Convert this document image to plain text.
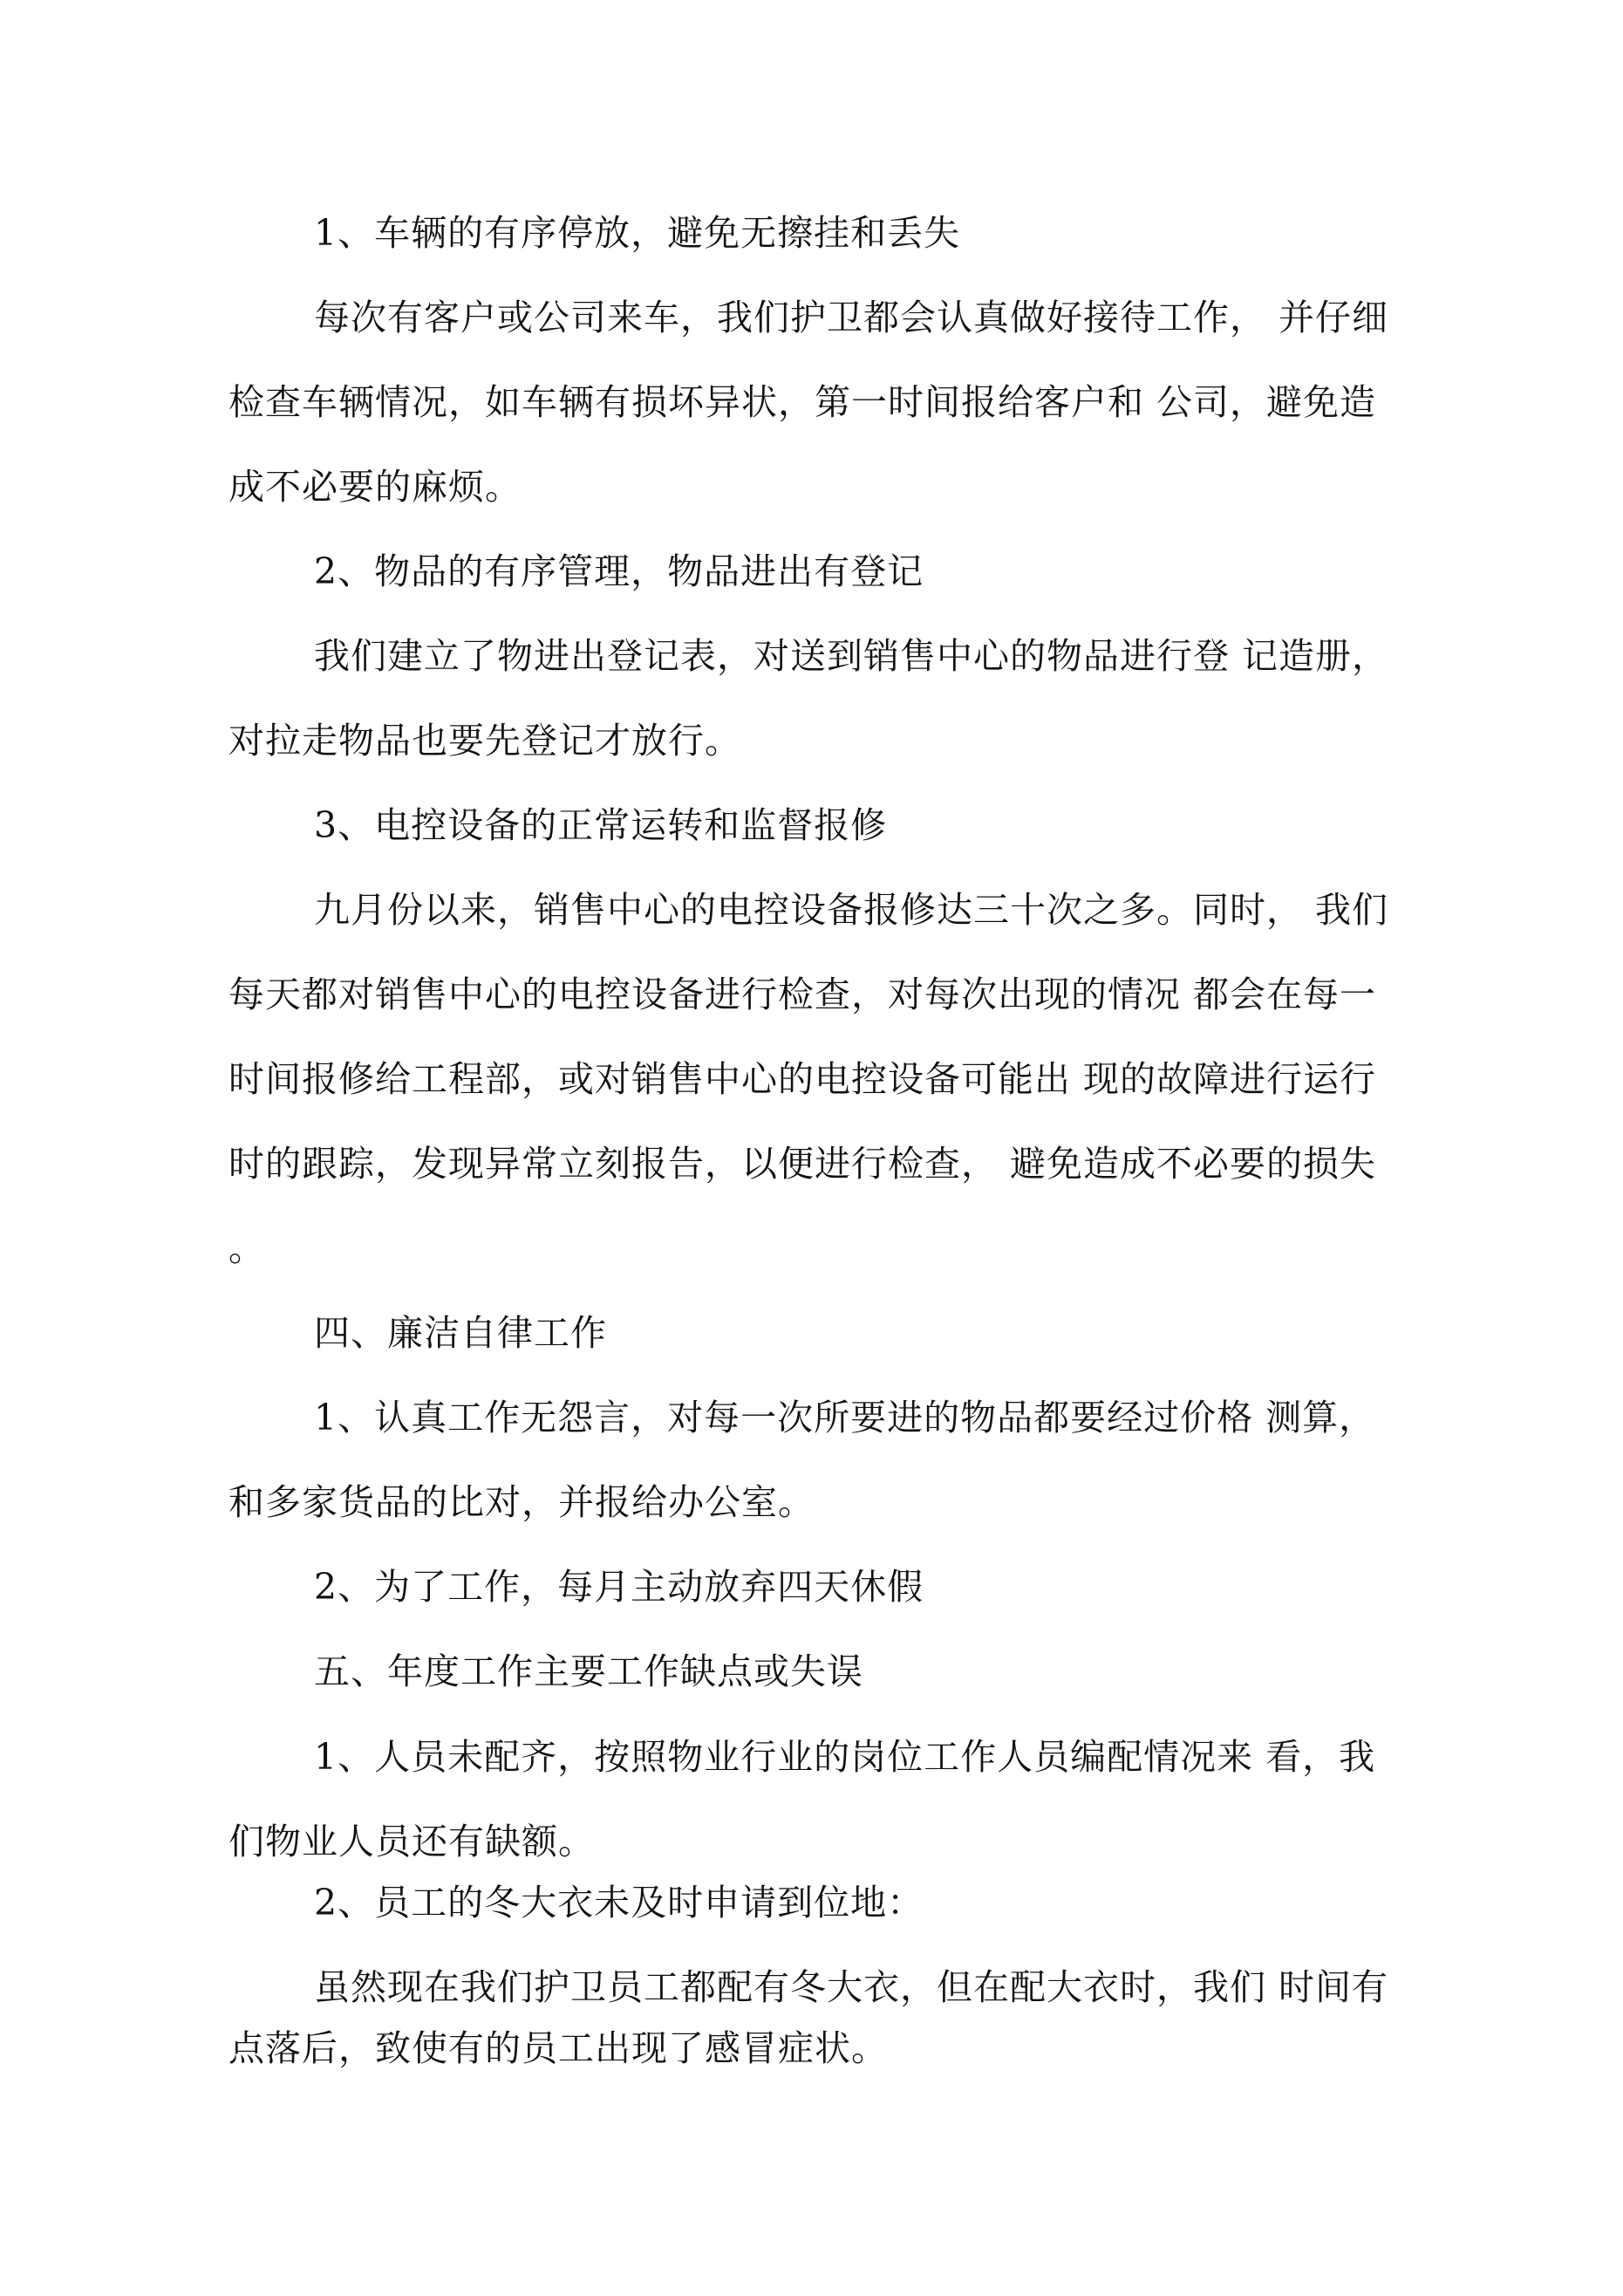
1、车辆的有序停放，避免无擦挂和丢失

每次有客户或公司来车，我们护卫都会认真做好接待工作， 并仔细
检查车辆情况，如车辆有损坏异状，第一时间报给客户和 公司，避免造
成不必要的麻烦。

2、物品的有序管理，物品进出有登记

我们建立了物进出登记表，对送到销售中心的物品进行登 记造册，
对拉走物品也要先登记才放行。

3、电控设备的正常运转和监督报修

九月份以来，销售中心的电控设备报修达三十次之多。同时， 我们
每天都对销售中心的电控设备进行检查，对每次出现的情况 都会在每一
时间报修给工程部，或对销售中心的电控设备可能出 现的故障进行运行
时的跟踪，发现异常立刻报告，以便进行检查， 避免造成不必要的损失
。

四、廉洁自律工作

1、认真工作无怨言，对每一次所要进的物品都要经过价格 测算，
和多家货品的比对，并报给办公室。

2、为了工作，每月主动放弃四天休假

五、年度工作主要工作缺点或失误

1、人员未配齐，按照物业行业的岗位工作人员编配情况来 看，我
们物业人员还有缺额。

2、员工的冬大衣未及时申请到位地：

虽然现在我们护卫员工都配有冬大衣，但在配大衣时，我们 时间有
点落后，致使有的员工出现了感冒症状。
